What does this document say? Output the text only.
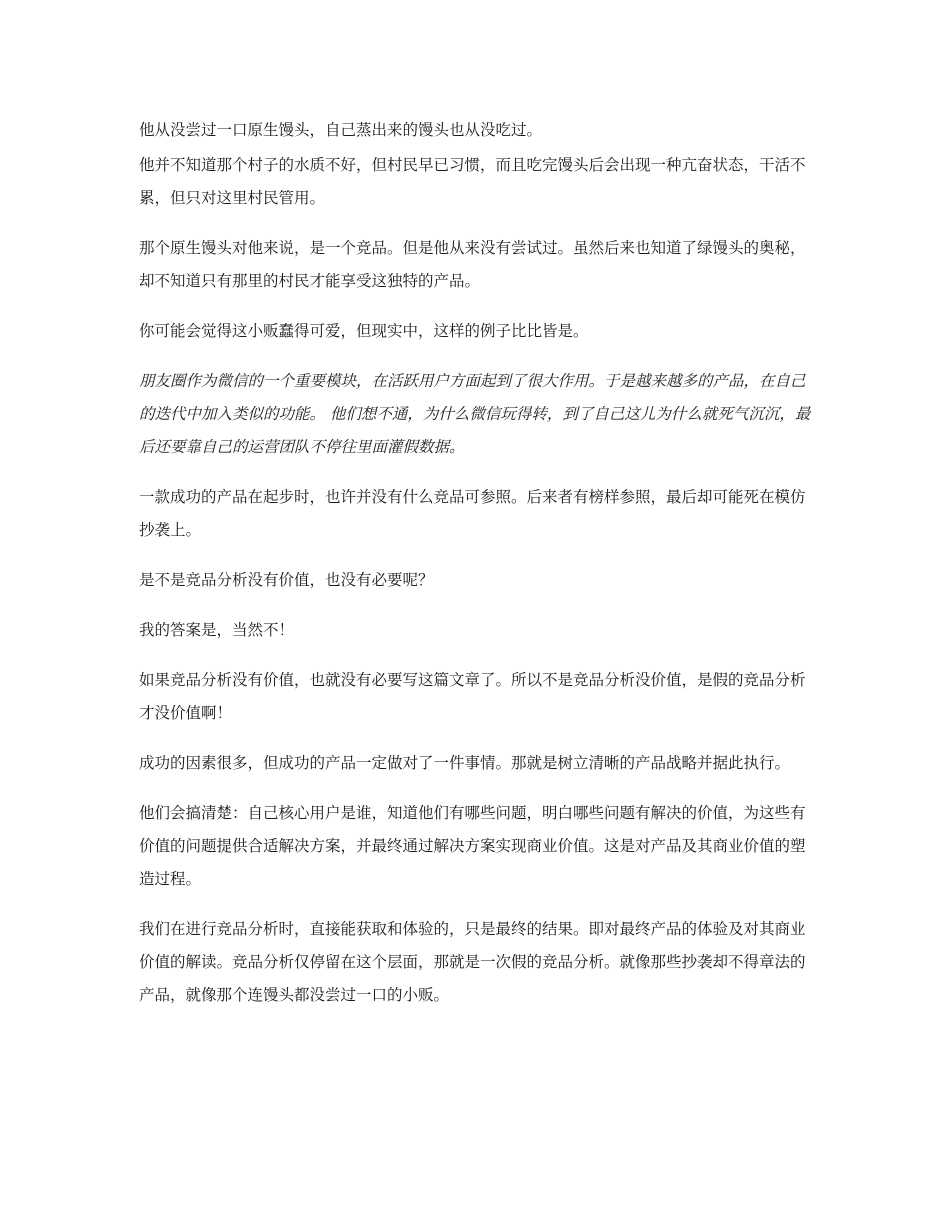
他从没尝过一口原生馒头，自己蒸出来的馒头也从没吃过。

他并不知道那个村子的水质不好，但村民早已习惯，而且吃完馒头后会出现一种亢奋状态，干活不累，但只对这里村民管用。

那个原生馒头对他来说，是一个竞品。但是他从来没有尝试过。虽然后来也知道了绿馒头的奥秘，却不知道只有那里的村民才能享受这独特的产品。

你可能会觉得这小贩蠢得可爱，但现实中，这样的例子比比皆是。

朋友圈作为微信的一个重要模块，在活跃用户方面起到了很大作用。于是越来越多的产品，在自己的迭代中加入类似的功能。 他们想不通，为什么微信玩得转，到了自己这儿为什么就死气沉沉，最后还要靠自己的运营团队不停往里面灌假数据。

一款成功的产品在起步时，也许并没有什么竞品可参照。后来者有榜样参照，最后却可能死在模仿抄袭上。

是不是竞品分析没有价值，也没有必要呢？

我的答案是，当然不！

如果竞品分析没有价值，也就没有必要写这篇文章了。所以不是竞品分析没价值，是假的竞品分析才没价值啊！

成功的因素很多，但成功的产品一定做对了一件事情。那就是树立清晰的产品战略并据此执行。

他们会搞清楚：自己核心用户是谁，知道他们有哪些问题，明白哪些问题有解决的价值，为这些有价值的问题提供合适解决方案，并最终通过解决方案实现商业价值。这是对产品及其商业价值的塑造过程。

我们在进行竞品分析时，直接能获取和体验的，只是最终的结果。即对最终产品的体验及对其商业价值的解读。竞品分析仅停留在这个层面，那就是一次假的竞品分析。就像那些抄袭却不得章法的产品，就像那个连馒头都没尝过一口的小贩。
